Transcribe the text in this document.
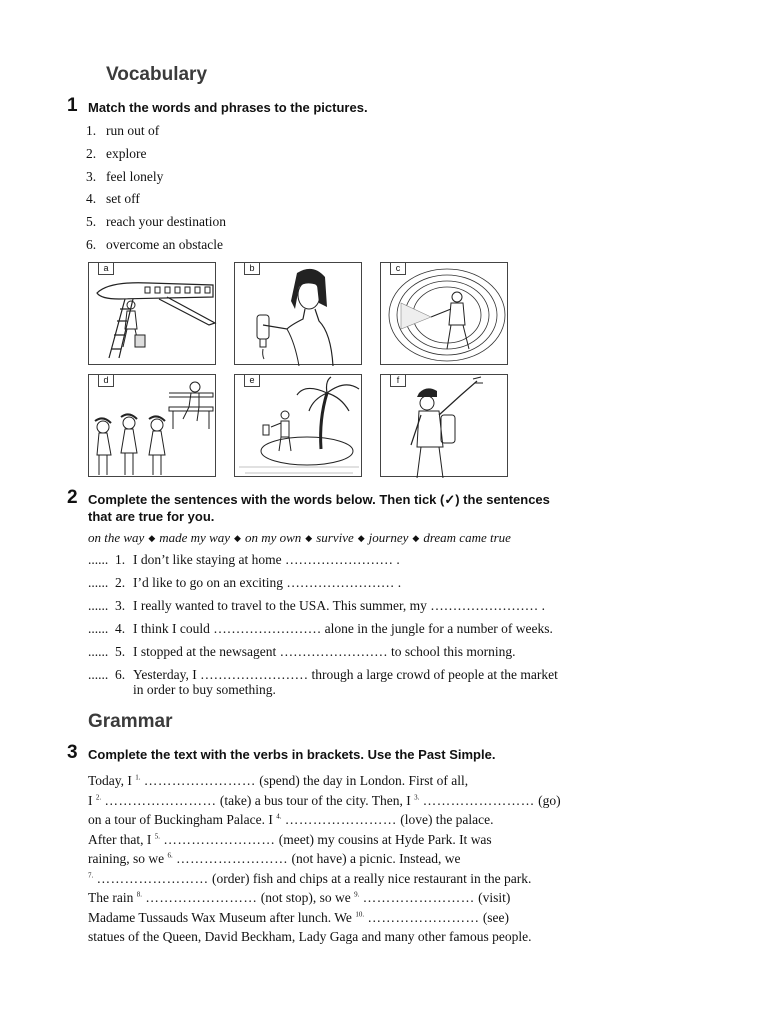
Vocabulary
1 Match the words and phrases to the pictures.
1. run out of
2. explore
3. feel lonely
4. set off
5. reach your destination
6. overcome an obstacle
a	b	c
d	e	f
2 Complete the sentences with the words below. Then tick (✓) the sentences
that are true for you.
on the way ◆ made my way ◆ on my own ◆ survive ◆ journey ◆ dream came true
...... 1. I don’t like staying at home …………………… .
...... 2. I’d like to go on an exciting …………………… .
...... 3. I really wanted to travel to the USA. This summer, my …………………… .
...... 4. I think I could …………………… alone in the jungle for a number of weeks.
...... 5. I stopped at the newsagent …………………… to school this morning.
...... 6. Yesterday, I …………………… through a large crowd of people at the market
in order to buy something.
Grammar
3 Complete the text with the verbs in brackets. Use the Past Simple.
Today, I $^{1.}$ …………………… (spend) the day in London. First of all,
I $^{2.}$ …………………… (take) a bus tour of the city. Then, I $^{3.}$ …………………… (go)
on a tour of Buckingham Palace. I $^{4.}$ …………………… (love) the palace.
After that, I $^{5.}$ …………………… (meet) my cousins at Hyde Park. It was
raining, so we $^{6.}$ …………………… (not have) a picnic. Instead, we
$^{7.}$ …………………… (order) fish and chips at a really nice restaurant in the park.
The rain $^{8.}$ …………………… (not stop), so we $^{9.}$ …………………… (visit)
Madame Tussauds Wax Museum after lunch. We $^{10.}$ …………………… (see)
statues of the Queen, David Beckham, Lady Gaga and many other famous people.
